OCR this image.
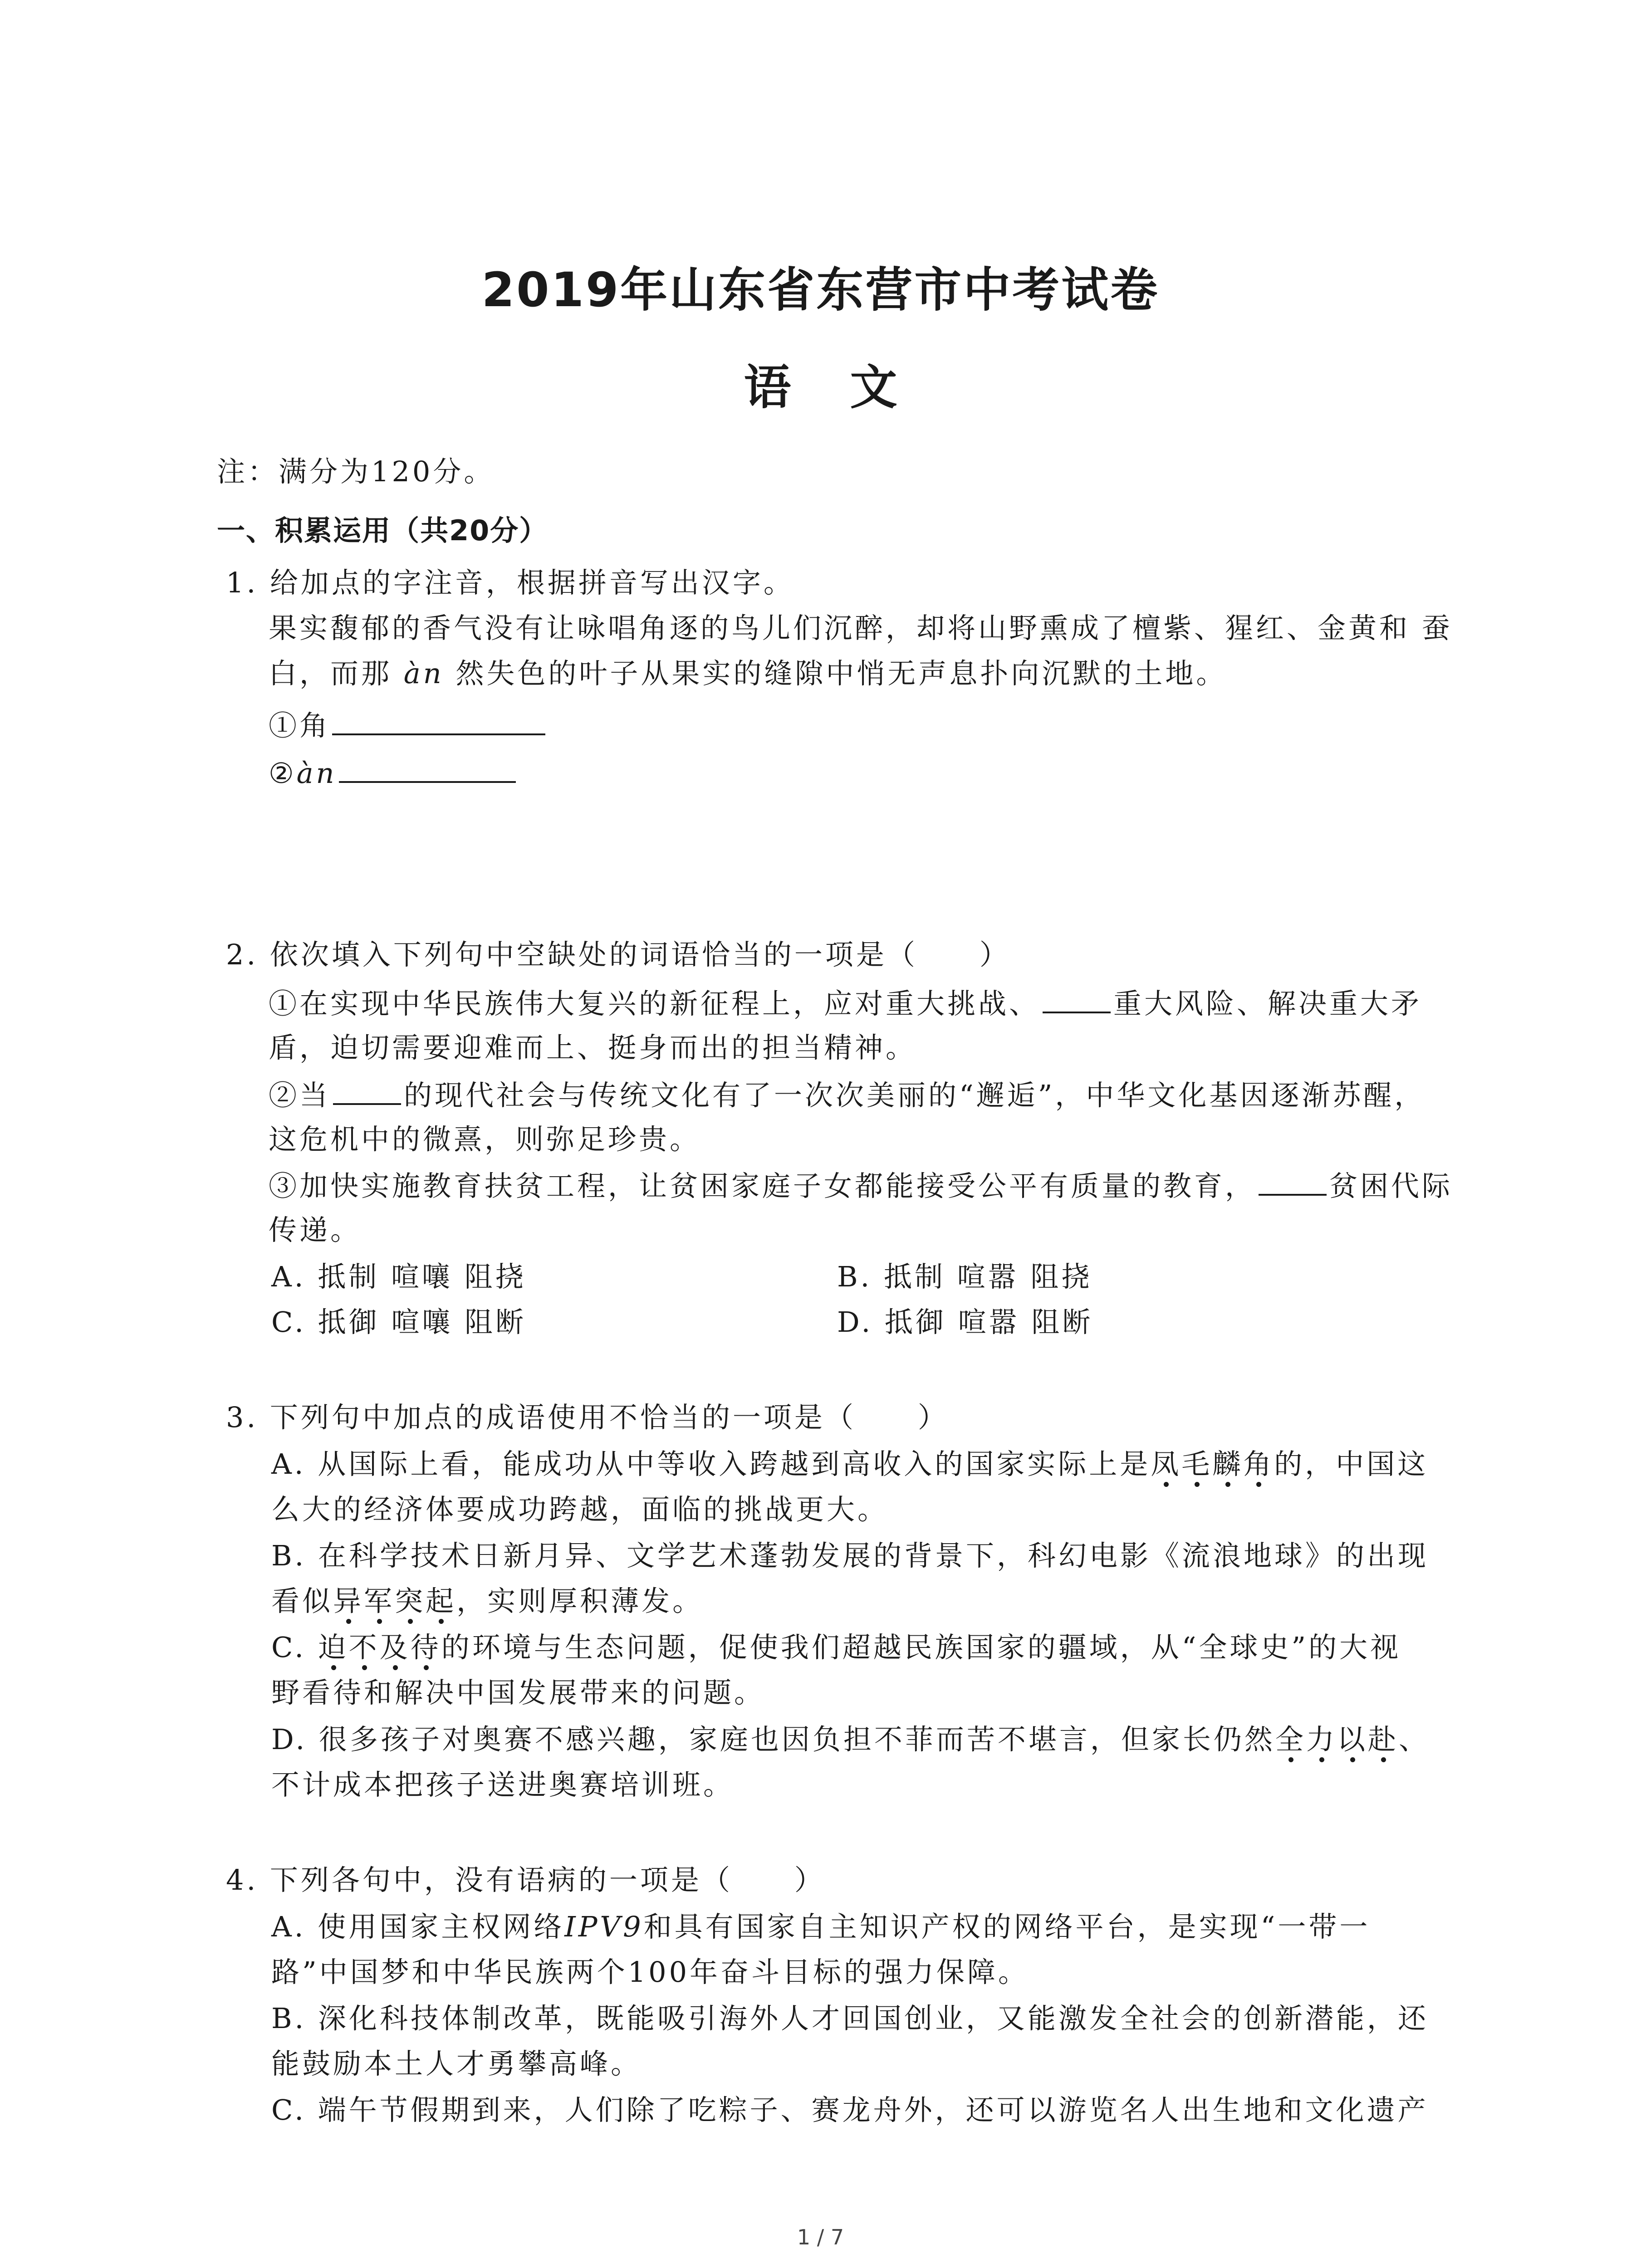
2019年山东省东营市中考试卷
语文
注：满分为120分。
一、积累运用（共20分）
1. 给加点的字注音，根据拼音写出汉字。
果实馥郁的香气没有让咏唱角逐的鸟儿们沉醉，却将山野熏成了檀紫、猩红、金黄和 蚕
白，而那 àn 然失色的叶子从果实的缝隙中悄无声息扑向沉默的土地。
①角
②àn
2. 依次填入下列句中空缺处的词语恰当的一项是（　　）
①在实现中华民族伟大复兴的新征程上，应对重大挑战、	重大风险、解决重大矛
盾，迫切需要迎难而上、挺身而出的担当精神。
②当	的现代社会与传统文化有了一次次美丽的“邂逅”，中华文化基因逐渐苏醒，
这危机中的微熹，则弥足珍贵。
③加快实施教育扶贫工程，让贫困家庭子女都能接受公平有质量的教育，	贫困代际
传递。
A. 抵制 喧嚷 阻挠	B. 抵制 喧嚣 阻挠
C. 抵御 喧嚷 阻断	D. 抵御 喧嚣 阻断
3. 下列句中加点的成语使用不恰当的一项是（　　）
A. 从国际上看，能成功从中等收入跨越到高收入的国家实际上是凤毛麟角的，中国这
么大的经济体要成功跨越，面临的挑战更大。
B. 在科学技术日新月异、文学艺术蓬勃发展的背景下，科幻电影《流浪地球》的出现
看似异军突起，实则厚积薄发。
C. 迫不及待的环境与生态问题，促使我们超越民族国家的疆域，从“全球史”的大视
野看待和解决中国发展带来的问题。
D. 很多孩子对奥赛不感兴趣，家庭也因负担不菲而苦不堪言，但家长仍然全力以赴、
不计成本把孩子送进奥赛培训班。
4. 下列各句中，没有语病的一项是（　　）
A. 使用国家主权网络IPV9和具有国家自主知识产权的网络平台，是实现“一带一
路”中国梦和中华民族两个100年奋斗目标的强力保障。
B. 深化科技体制改革，既能吸引海外人才回国创业，又能激发全社会的创新潜能，还
能鼓励本土人才勇攀高峰。
C. 端午节假期到来，人们除了吃粽子、赛龙舟外，还可以游览名人出生地和文化遗产
1 / 7
